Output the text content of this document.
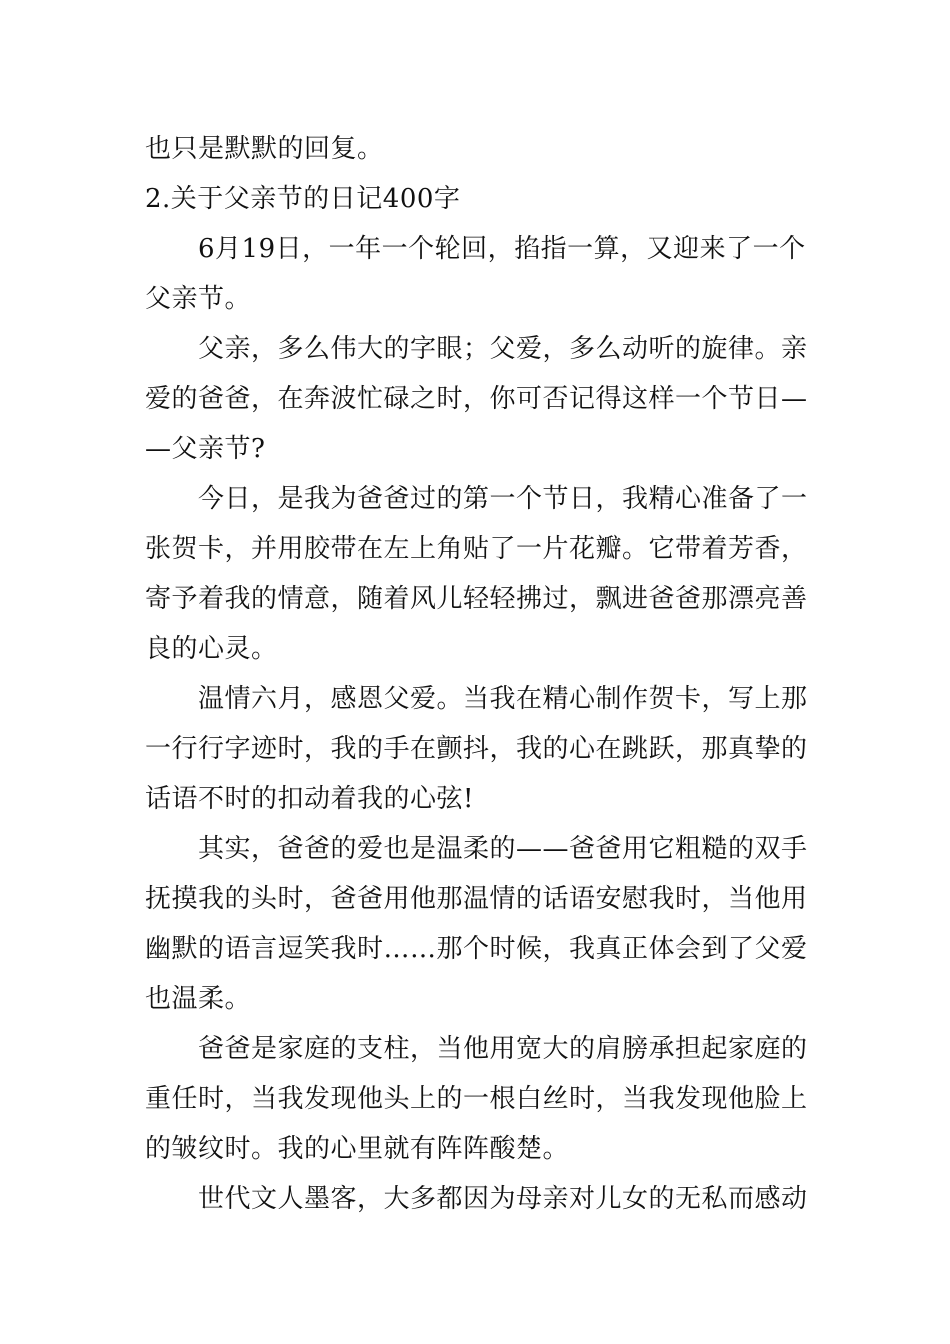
也只是默默的回复。
2.关于父亲节的日记400字
6月19日，一年一个轮回，掐指一算，又迎来了一个
父亲节。
父亲，多么伟大的字眼；父爱，多么动听的旋律。亲
爱的爸爸，在奔波忙碌之时，你可否记得这样一个节日—
—父亲节?
今日，是我为爸爸过的第一个节日，我精心准备了一
张贺卡，并用胶带在左上角贴了一片花瓣。它带着芳香，
寄予着我的情意，随着风儿轻轻拂过，飘进爸爸那漂亮善
良的心灵。
温情六月，感恩父爱。当我在精心制作贺卡，写上那
一行行字迹时，我的手在颤抖，我的心在跳跃，那真挚的
话语不时的扣动着我的心弦!
其实，爸爸的爱也是温柔的——爸爸用它粗糙的双手
抚摸我的头时，爸爸用他那温情的话语安慰我时，当他用
幽默的语言逗笑我时……那个时候，我真正体会到了父爱
也温柔。
爸爸是家庭的支柱，当他用宽大的肩膀承担起家庭的
重任时，当我发现他头上的一根白丝时，当我发现他脸上
的皱纹时。我的心里就有阵阵酸楚。
世代文人墨客，大多都因为母亲对儿女的无私而感动
